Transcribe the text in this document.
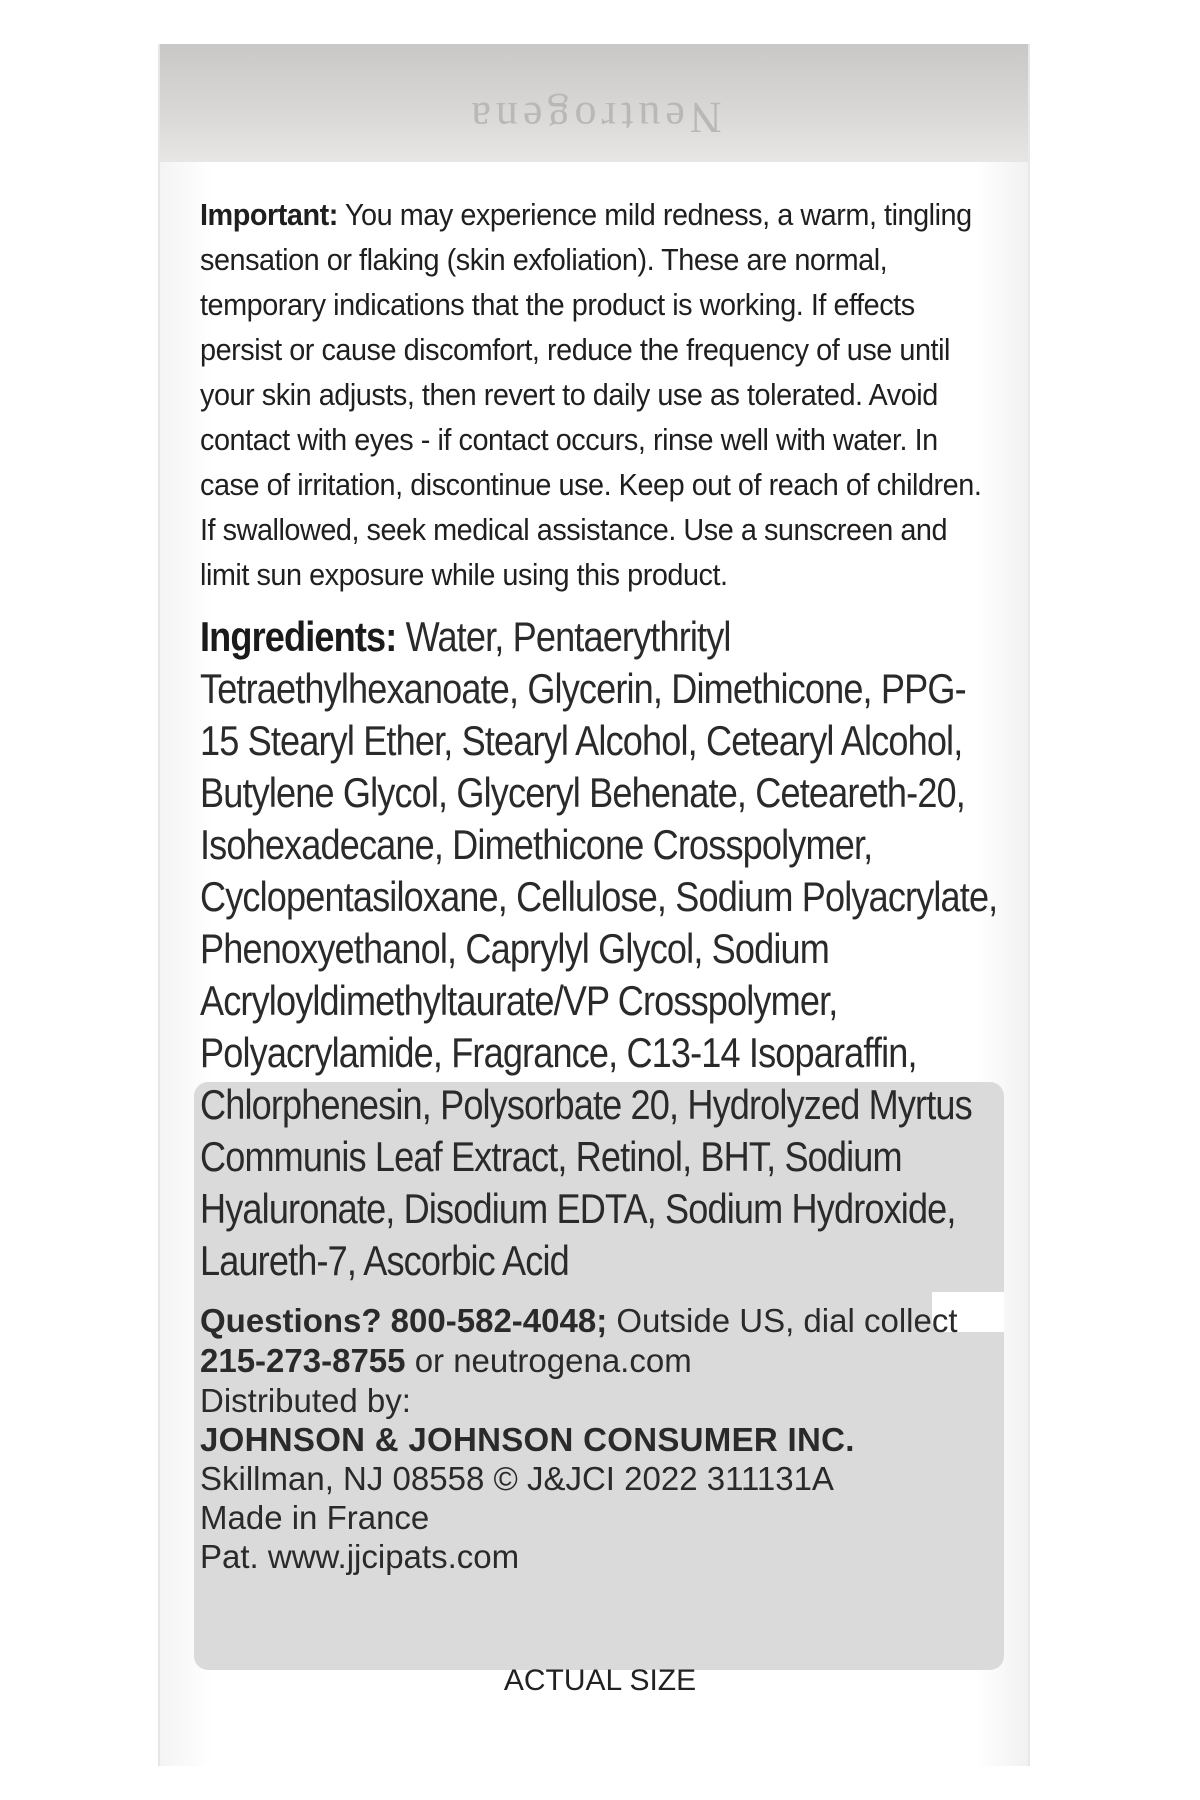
Neutrogena

Important: You may experience mild redness, a warm, tingling sensation or flaking (skin exfoliation). These are normal, temporary indications that the product is working. If effects persist or cause discomfort, reduce the frequency of use until your skin adjusts, then revert to daily use as tolerated. Avoid contact with eyes - if contact occurs, rinse well with water. In case of irritation, discontinue use. Keep out of reach of children. If swallowed, seek medical assistance. Use a sunscreen and limit sun exposure while using this product.

Ingredients: Water, Pentaerythrityl Tetraethylhexanoate, Glycerin, Dimethicone, PPG-15 Stearyl Ether, Stearyl Alcohol, Cetearyl Alcohol, Butylene Glycol, Glyceryl Behenate, Ceteareth-20, Isohexadecane, Dimethicone Crosspolymer, Cyclopentasiloxane, Cellulose, Sodium Polyacrylate, Phenoxyethanol, Caprylyl Glycol, Sodium Acryloyldimethyltaurate/VP Crosspolymer, Polyacrylamide, Fragrance, C13-14 Isoparaffin, Chlorphenesin, Polysorbate 20, Hydrolyzed Myrtus Communis Leaf Extract, Retinol, BHT, Sodium Hyaluronate, Disodium EDTA, Sodium Hydroxide, Laureth-7, Ascorbic Acid
Questions? 800-582-4048; Outside US, dial collect 215-273-8755 or neutrogena.com
Distributed by:
JOHNSON & JOHNSON CONSUMER INC.
Skillman, NJ 08558 © J&JCI 2022 311131A
Made in France
Pat. www.jjcipats.com
ACTUAL SIZE
